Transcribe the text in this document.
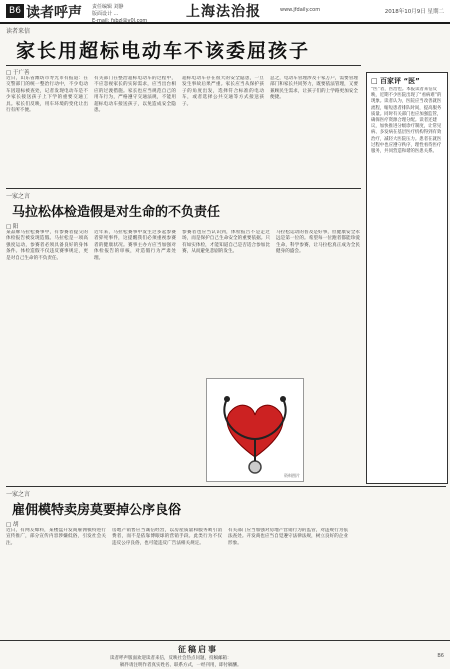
B6 读者呼声 责任编辑 刘静
版面设计 ...
E-mail: fsbzl@v0l.com
上海法治报	www.jfdaily.com	2018年10月9日 星期二
读者来信
家长用超标电动车不该委屈孩子
□ 于广善
近日，山东省潍坊市寿光市有报道：在交警部门的统一整治行动中，不少电动车因超标被查处，记者发现电动车是不少家长接送孩子上下学的重要交通工具。家长们反映，用车环境的变化让出行有所不便。
有关部门在整治超标电动车的过程中，不应忽视家长的实际需求，应当出台相应的过渡措施。家长也应当规范自己的用车行为，严格遵守交通法规，不能用超标电动车接送孩子，以免造成安全隐患。
超标电动车存在很大的安全隐患，一旦发生事故后果严重。家长应当从保护孩子的角度出发，选择符合标准的电动车，或者选择公共交通等方式接送孩子。
总之，电动车管理涉及千家万户，需要管理部门和家长共同努力，既要依法管理，又要兼顾民生需求，让孩子们的上学路更加安全便捷。
□ 百家评 “医”
“医”者，医治也。本报读者来信反映，近期不少医院出现了“看病难”的现象。读者认为，医院应当改善就医流程，缩短患者排队时间，提高服务质量。同时有关部门也应加强监管，确保医疗资源合理分配。读者还建议，加快推进分级诊疗制度，让常见病、多发病在基层医疗机构得到有效治疗，减轻大医院压力。患者在就医过程中也应遵守秩序，理性看待医疗服务，共同营造和谐的医患关系。
一家之言
马拉松体检造假是对生命的不负责任
□ 阳
某品牌马拉松赛事中，有参赛者提交的体检报告被发现造假。马拉松是一项高强度运动，参赛者必须具备良好的身体条件。体检造假不仅违反赛事规定，更是对自己生命的不负责任。
近年来，马拉松赛事中发生过多起参赛者猝死事件，这提醒我们必须重视参赛者的健康状况。赛事主办方应当加强对体检报告的审核，对造假行为严肃处理。
参赛者也应当认识到，体检报告不是走过场，而是保护自己生命安全的重要依据。只有如实体检，才能知道自己是否适合参加比赛，从而避免悲剧的发生。
马拉松运动的普及是好事，但健康安全永远是第一位的。希望每一位跑者都能珍爱生命，科学参赛，让马拉松真正成为全民健身的盛会。
资料图片
一家之言
雇佣模特卖房莫要掉公序良俗
□ 胡
近日，有网友爆料，某楼盘开发商雇佣模特进行宣传推广，部分宣传内容涉嫌低俗，引发社会关注。
房地产销售应当诚信经营，以房屋质量和服务吸引消费者，而不是依靠博眼球的营销手段。此类行为不仅违反公序良俗，也可能违反广告法相关规定。
有关部门应当加强对房地产营销行为的监管，对违规行为依法查处。开发商也应当自觉遵守法律法规，树立良好的企业形象。
征稿启事
读者呼声版面欢迎读者来信，反映社会热点问题，投稿邮箱：
稿件请注明作者真实姓名、联系方式，一经刊用，即付稿酬。
B6
